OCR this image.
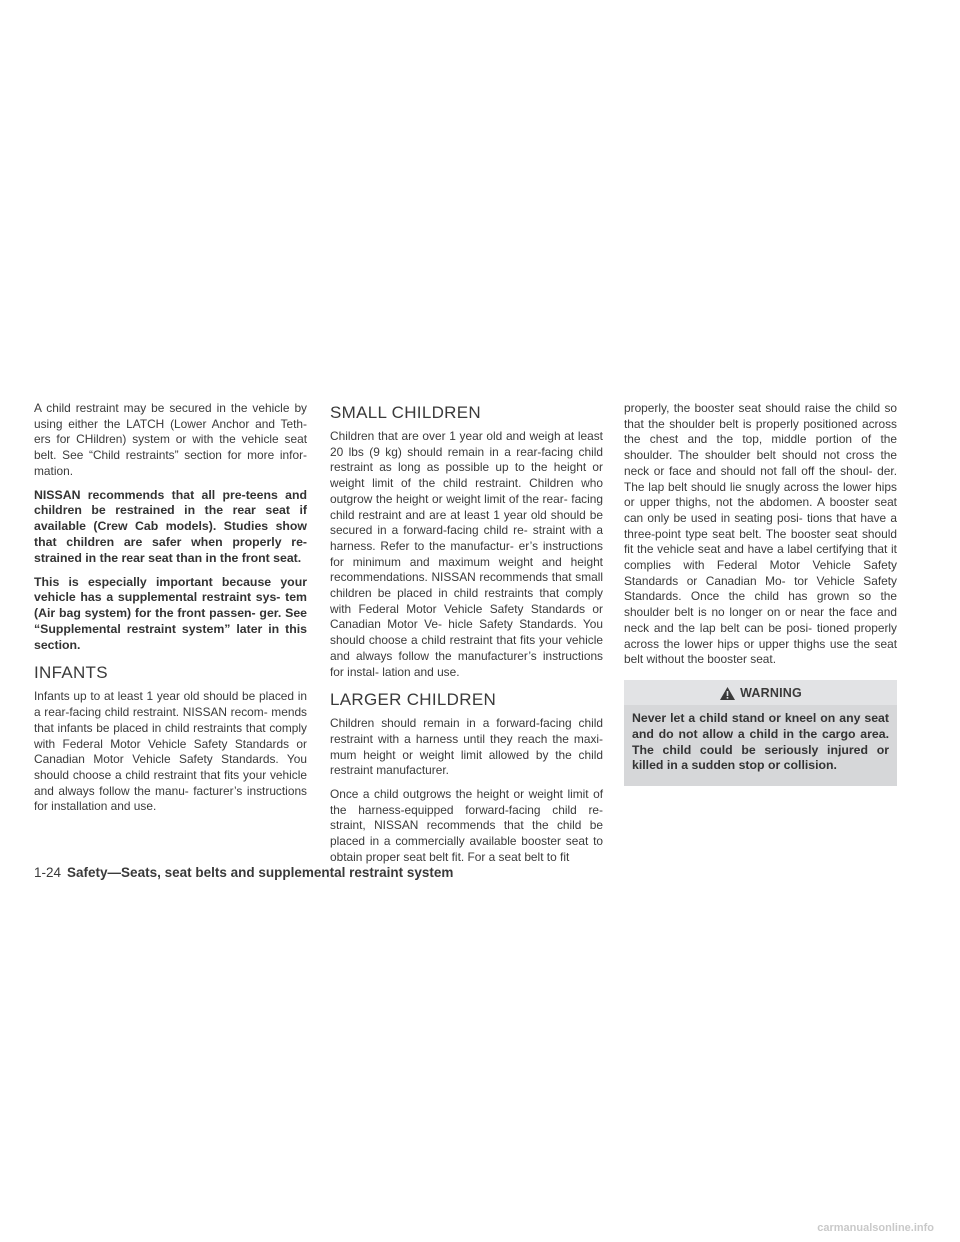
A child restraint may be secured in the vehicle by using either the LATCH (Lower Anchor and Teth- ers for CHildren) system or with the vehicle seat belt. See “Child restraints” section for more infor- mation.

NISSAN recommends that all pre-teens and children be restrained in the rear seat if available (Crew Cab models). Studies show that children are safer when properly re- strained in the rear seat than in the front seat.

This is especially important because your vehicle has a supplemental restraint sys- tem (Air bag system) for the front passen- ger. See “Supplemental restraint system” later in this section.

INFANTS

Infants up to at least 1 year old should be placed in a rear-facing child restraint. NISSAN recom- mends that infants be placed in child restraints that comply with Federal Motor Vehicle Safety Standards or Canadian Motor Vehicle Safety Standards. You should choose a child restraint that fits your vehicle and always follow the manu- facturer’s instructions for installation and use.

SMALL CHILDREN

Children that are over 1 year old and weigh at least 20 lbs (9 kg) should remain in a rear-facing child restraint as long as possible up to the height or weight limit of the child restraint. Children who outgrow the height or weight limit of the rear- facing child restraint and are at least 1 year old should be secured in a forward-facing child re- straint with a harness. Refer to the manufactur- er’s instructions for minimum and maximum weight and height recommendations. NISSAN recommends that small children be placed in child restraints that comply with Federal Motor Vehicle Safety Standards or Canadian Motor Ve- hicle Safety Standards. You should choose a child restraint that fits your vehicle and always follow the manufacturer’s instructions for instal- lation and use.

LARGER CHILDREN

Children should remain in a forward-facing child restraint with a harness until they reach the maxi- mum height or weight limit allowed by the child restraint manufacturer.

Once a child outgrows the height or weight limit of the harness-equipped forward-facing child re- straint, NISSAN recommends that the child be placed in a commercially available booster seat to obtain proper seat belt fit. For a seat belt to fit

properly, the booster seat should raise the child so that the shoulder belt is properly positioned across the chest and the top, middle portion of the shoulder. The shoulder belt should not cross the neck or face and should not fall off the shoul- der. The lap belt should lie snugly across the lower hips or upper thighs, not the abdomen. A booster seat can only be used in seating posi- tions that have a three-point type seat belt. The booster seat should fit the vehicle seat and have a label certifying that it complies with Federal Motor Vehicle Safety Standards or Canadian Mo- tor Vehicle Safety Standards. Once the child has grown so the shoulder belt is no longer on or near the face and neck and the lap belt can be posi- tioned properly across the lower hips or upper thighs use the seat belt without the booster seat.

WARNING
Never let a child stand or kneel on any seat and do not allow a child in the cargo area. The child could be seriously injured or killed in a sudden stop or collision.
1-24 Safety—Seats, seat belts and supplemental restraint system
carmanualsonline.info
